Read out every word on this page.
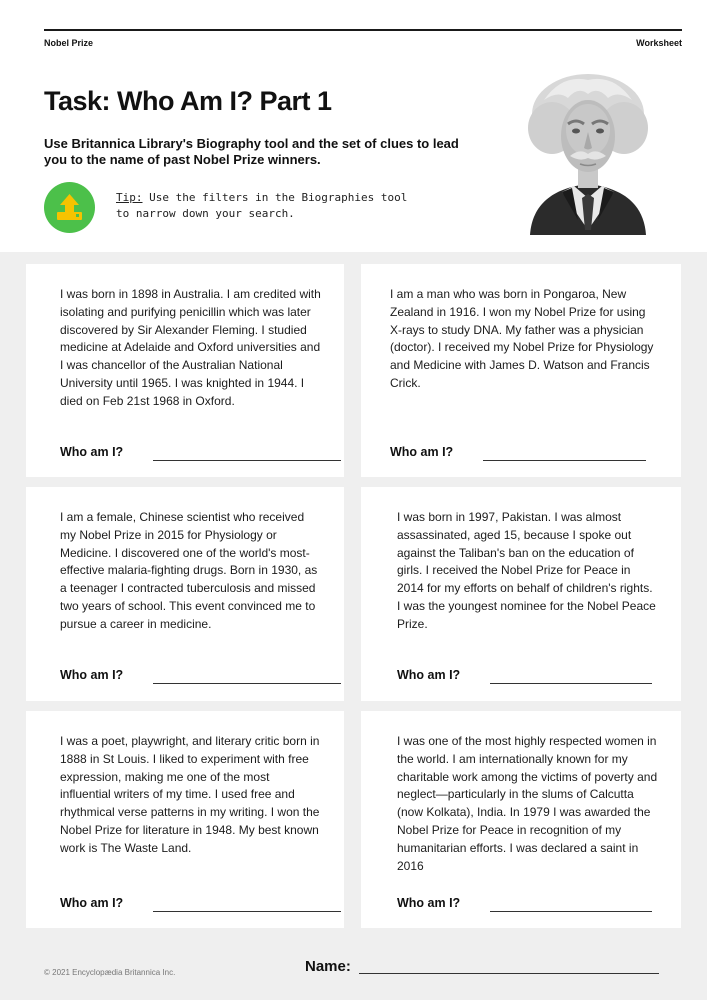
Nobel Prize	Worksheet
Task: Who Am I? Part 1
Use Britannica Library's Biography tool and the set of clues to lead you to the name of past Nobel Prize winners.
Tip: Use the filters in the Biographies tool to narrow down your search.
I was born in 1898 in Australia. I am credited with isolating and purifying penicillin which was later discovered by Sir Alexander Fleming. I studied medicine at Adelaide and Oxford universities and I was chancellor of the Australian National University until 1965. I was knighted in 1944. I died on Feb 21st 1968 in Oxford.
Who am I?
I am a man who was born in Pongaroa, New Zealand in 1916. I won my Nobel Prize for using X-rays to study DNA. My father was a physician (doctor). I received my Nobel Prize for Physiology and Medicine with James D. Watson and Francis Crick.
Who am I?
I am a female, Chinese scientist who received my Nobel Prize in 2015 for Physiology or Medicine. I discovered one of the world's most-effective malaria-fighting drugs. Born in 1930, as a teenager I contracted tuberculosis and missed two years of school. This event convinced me to pursue a career in medicine.
Who am I?
I was born in 1997, Pakistan. I was almost assassinated, aged 15, because I spoke out against the Taliban's ban on the education of girls. I received the Nobel Prize for Peace in 2014 for my efforts on behalf of children's rights. I was the youngest nominee for the Nobel Peace Prize.
Who am I?
I was a poet, playwright, and literary critic born in 1888 in St Louis. I liked to experiment with free expression, making me one of the most influential writers of my time. I used free and rhythmical verse patterns in my writing. I won the Nobel Prize for literature in 1948. My best known work is The Waste Land.
Who am I?
I was one of the most highly respected women in the world. I am internationally known for my charitable work among the victims of poverty and neglect—particularly in the slums of Calcutta (now Kolkata), India. In 1979 I was awarded the Nobel Prize for Peace in recognition of my humanitarian efforts. I was declared a saint in 2016
Who am I?
© 2021 Encyclopædia Britannica Inc.	Name:
